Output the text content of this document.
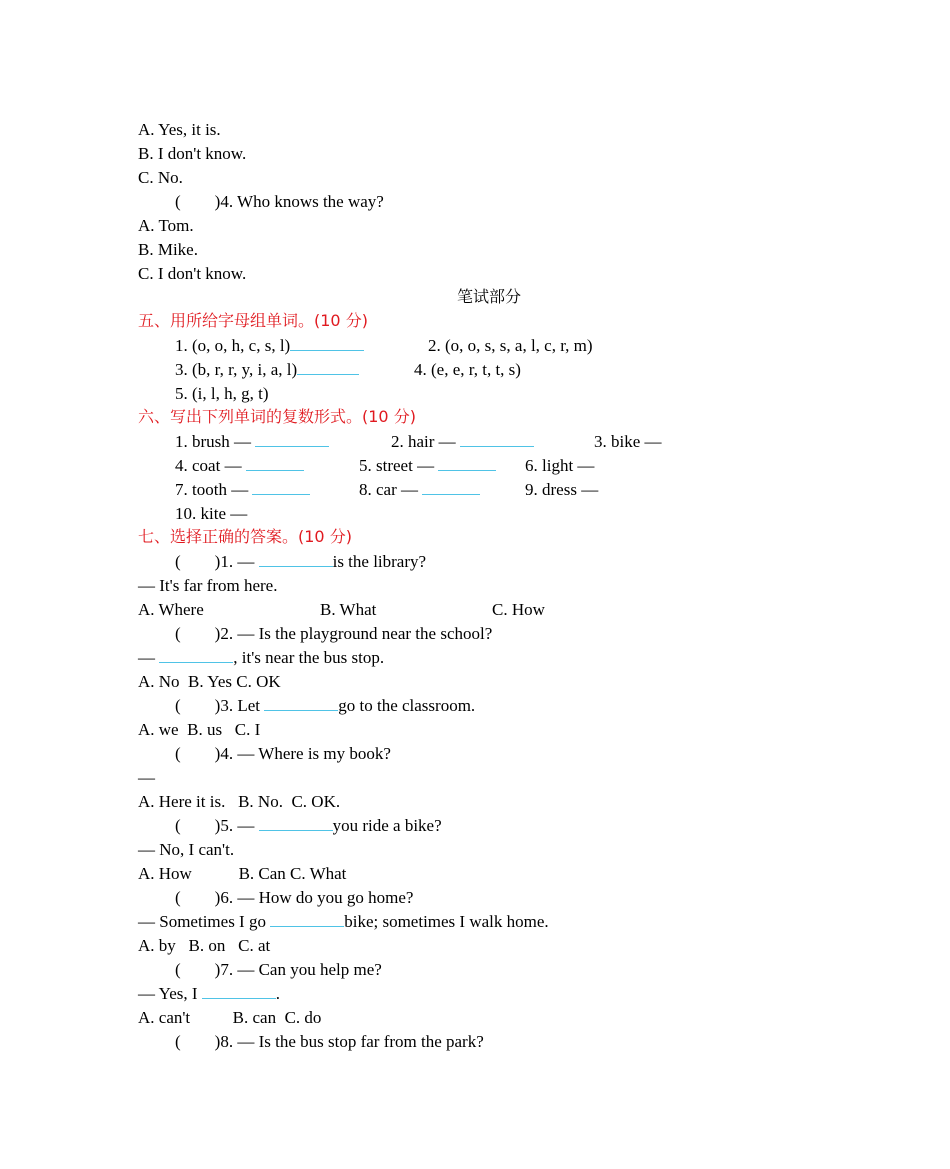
A. Yes, it is.
B. I don't know.
C. No.
( )4. Who knows the way?
A. Tom.
B. Mike.
C. I don't know.
笔试部分
五、用所给字母组单词。(10 分)
1. (o, o, h, c, s, l)	2. (o, o, s, s, a, l, c, r, m)
3. (b, r, r, y, i, a, l)	4. (e, e, r, t, t, s)
5. (i, l, h, g, t)
六、写出下列单词的复数形式。(10 分)
1. brush —	2. hair —	3. bike —
4. coat —	5. street —	6. light —
7. tooth —	8. car —	9. dress —
10. kite —
七、选择正确的答案。(10 分)
( )1. —	is the library?
— It's far from here.
A. Where	B. What	C. How
( )2. — Is the playground near the school?
—	, it's near the bus stop.
A. No  B. Yes C. OK
( )3. Let	go to the classroom.
A. we  B. us   C. I
( )4. — Where is my book?
—
A. Here it is.   B. No.  C. OK.
( )5. —	you ride a bike?
— No, I can't.
A. How           B. Can C. What
( )6. — How do you go home?
— Sometimes I go	bike; sometimes I walk home.
A. by   B. on   C. at
( )7. — Can you help me?
— Yes, I	.
A. can't          B. can  C. do
( )8. — Is the bus stop far from the park?
